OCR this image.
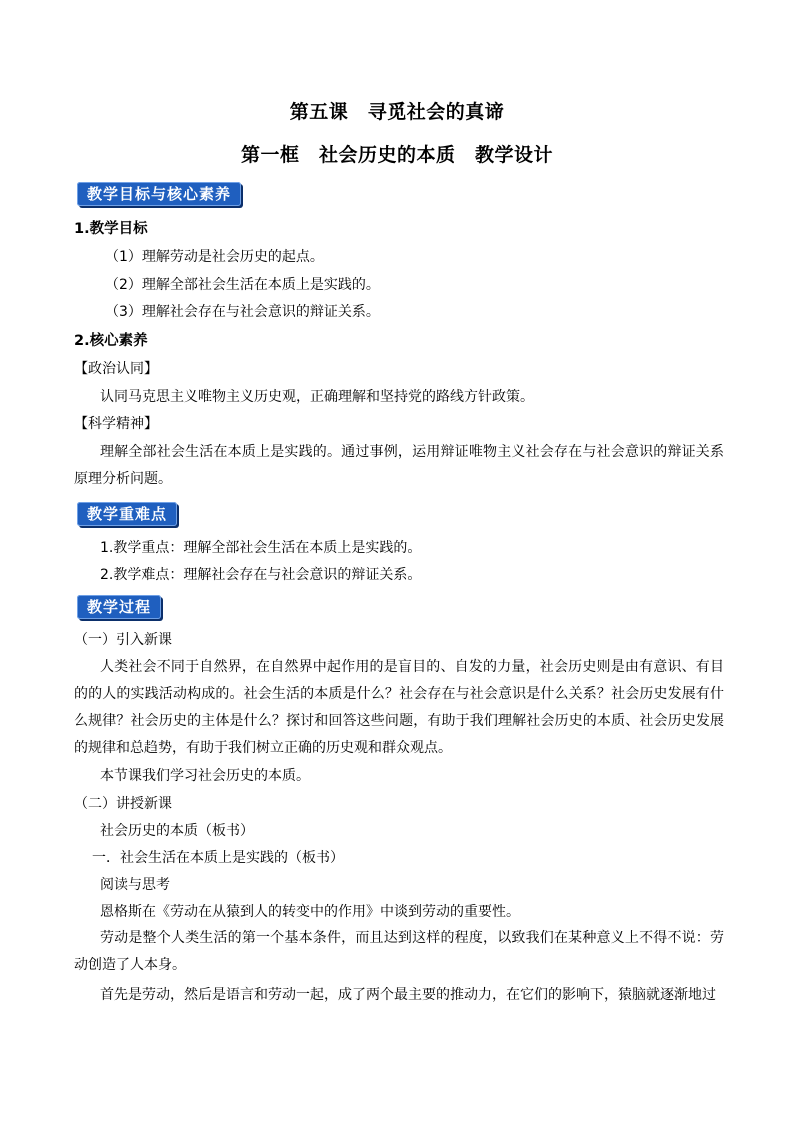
第五课　寻觅社会的真谛
第一框　社会历史的本质　教学设计
教学目标与核心素养
1.教学目标
（1）理解劳动是社会历史的起点。
（2）理解全部社会生活在本质上是实践的。
（3）理解社会存在与社会意识的辩证关系。
2.核心素养
【政治认同】
认同马克思主义唯物主义历史观，正确理解和坚持党的路线方针政策。
【科学精神】
理解全部社会生活在本质上是实践的。通过事例，运用辩证唯物主义社会存在与社会意识的辩证关系原理分析问题。
教学重难点
1.教学重点：理解全部社会生活在本质上是实践的。
2.教学难点：理解社会存在与社会意识的辩证关系。
教学过程
（一）引入新课
人类社会不同于自然界，在自然界中起作用的是盲目的、自发的力量，社会历史则是由有意识、有目的的人的实践活动构成的。社会生活的本质是什么？社会存在与社会意识是什么关系？社会历史发展有什么规律？社会历史的主体是什么？探讨和回答这些问题，有助于我们理解社会历史的本质、社会历史发展的规律和总趋势，有助于我们树立正确的历史观和群众观点。
本节课我们学习社会历史的本质。
（二）讲授新课
社会历史的本质（板书）
一．社会生活在本质上是实践的（板书）
阅读与思考
恩格斯在《劳动在从猿到人的转变中的作用》中谈到劳动的重要性。
劳动是整个人类生活的第一个基本条件，而且达到这样的程度，以致我们在某种意义上不得不说：劳动创造了人本身。
首先是劳动，然后是语言和劳动一起，成了两个最主要的推动力，在它们的影响下，猿脑就逐渐地过
